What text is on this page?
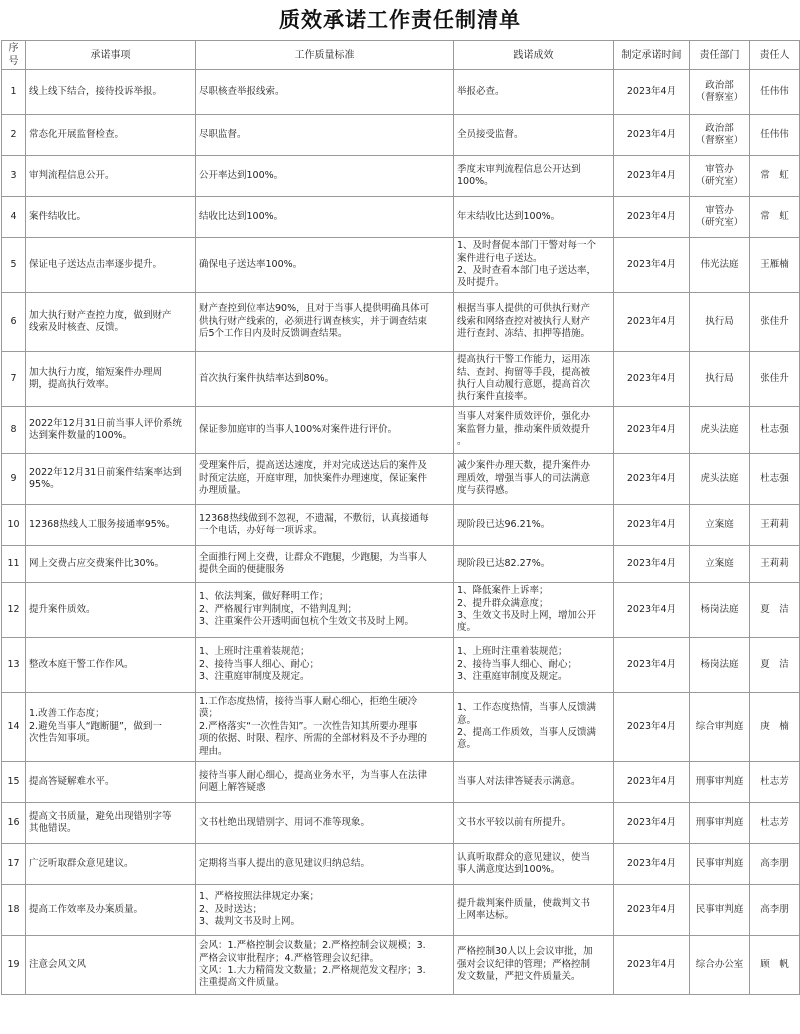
质效承诺工作责任制清单
序号	承诺事项	工作质量标准	践诺成效	制定承诺时间	责任部门	责任人
1	线上线下结合，接待投诉举报。	尽职核查举报线索。	举报必查。	2023年4月	政治部
（督察室）	任伟伟
2	常态化开展监督检查。	尽职监督。	全员接受监督。	2023年4月	政治部
（督察室）	任伟伟
3	审判流程信息公开。	公开率达到100%。	季度末审判流程信息公开达到
100%。	2023年4月	审管办
（研究室）	常　虹
4	案件结收比。	结收比达到100%。	年末结收比达到100%。	2023年4月	审管办
（研究室）	常　虹
5	保证电子送达点击率逐步提升。	确保电子送达率100%。	1、及时督促本部门干警对每一个
案件进行电子送达。
2、及时查看本部门电子送达率，
及时提升。	2023年4月	伟光法庭	王雁楠
6	加大执行财产查控力度，做到财产
线索及时核查、反馈。	财产查控到位率达90%，且对于当事人提供明确具体可
供执行财产线索的，必须进行调查核实，并于调查结束
后5个工作日内及时反馈调查结果。	根据当事人提供的可供执行财产
线索和网络查控对被执行人财产
进行查封、冻结、扣押等措施。	2023年4月	执行局	张佳升
7	加大执行力度，缩短案件办理周
期，提高执行效率。	首次执行案件执结率达到80%。	提高执行干警工作能力，运用冻
结、查封、拘留等手段，提高被
执行人自动履行意愿，提高首次
执行案件直接率。	2023年4月	执行局	张佳升
8	2022年12月31日前当事人评价系统
达到案件数量的100%。	保证参加庭审的当事人100%对案件进行评价。	当事人对案件质效评价，强化办
案监督力量，推动案件质效提升
。	2023年4月	虎头法庭	杜志强
9	2022年12月31日前案件结案率达到
95%。	受理案件后，提高送达速度，并对完成送达后的案件及
时预定法庭，开庭审理，加快案件办理速度，保证案件
办理质量。	减少案件办理天数，提升案件办
理质效，增强当事人的司法满意
度与获得感。	2023年4月	虎头法庭	杜志强
10	12368热线人工服务接通率95%。	12368热线做到不忽视，不遗漏，不敷衍，认真接通每
一个电话，办好每一项诉求。	现阶段已达96.21%。	2023年4月	立案庭	王莉莉
11	网上交费占应交费案件比30%。	全面推行网上交费，让群众不跑腿，少跑腿，为当事人
提供全面的便捷服务	现阶段已达82.27%。	2023年4月	立案庭	王莉莉
12	提升案件质效。	1、依法判案，做好释明工作；
2、严格履行审判制度，不错判乱判；
3、注重案件公开透明面包杭个生效文书及时上网。	1、降低案件上诉率；
2、提升群众满意度；
3、生效文书及时上网，增加公开
度。	2023年4月	杨岗法庭	夏　洁
13	整改本庭干警工作作风。	1、上班时注重着装规范；
2、接待当事人细心、耐心；
3、注重庭审制度及规定。	1、上班时注重着装规范；
2、接待当事人细心、耐心；
3、注重庭审制度及规定。	2023年4月	杨岗法庭	夏　洁
14	1.改善工作态度；
2.避免当事人“跑断腿”，做到一
次性告知事项。	1.工作态度热情，接待当事人耐心细心，拒绝生硬冷
漠；
2.严格落实“一次性告知”。一次性告知其所要办理事
项的依据、时限、程序、所需的全部材料及不予办理的
理由。	1、工作态度热情，当事人反馈满
意。
2、提高工作质效，当事人反馈满
意。	2023年4月	综合审判庭	庚　楠
15	提高答疑解难水平。	接待当事人耐心细心，提高业务水平，为当事人在法律
问题上解答疑惑	当事人对法律答疑表示满意。	2023年4月	刑事审判庭	杜志芳
16	提高文书质量，避免出现错别字等
其他错误。	文书杜绝出现错别字、用词不准等现象。	文书水平较以前有所提升。	2023年4月	刑事审判庭	杜志芳
17	广泛听取群众意见建议。	定期将当事人提出的意见建议归纳总结。	认真听取群众的意见建议，使当
事人满意度达到100%。	2023年4月	民事审判庭	高李朋
18	提高工作效率及办案质量。	1、严格按照法律规定办案；
2、及时送达；
3、裁判文书及时上网。	提升裁判案件质量，使裁判文书
上网率达标。	2023年4月	民事审判庭	高李朋
19	注意会风文风	会风：1.严格控制会议数量；2.严格控制会议规模；3.
严格会议审批程序；4.严格管理会议纪律。
文风：1.大力精简发文数量；2.严格规范发文程序；3.
注重提高文件质量。	严格控制30人以上会议审批，加
强对会议纪律的管理；严格控制
发文数量，严把文件质量关。	2023年4月	综合办公室	顾　帆
